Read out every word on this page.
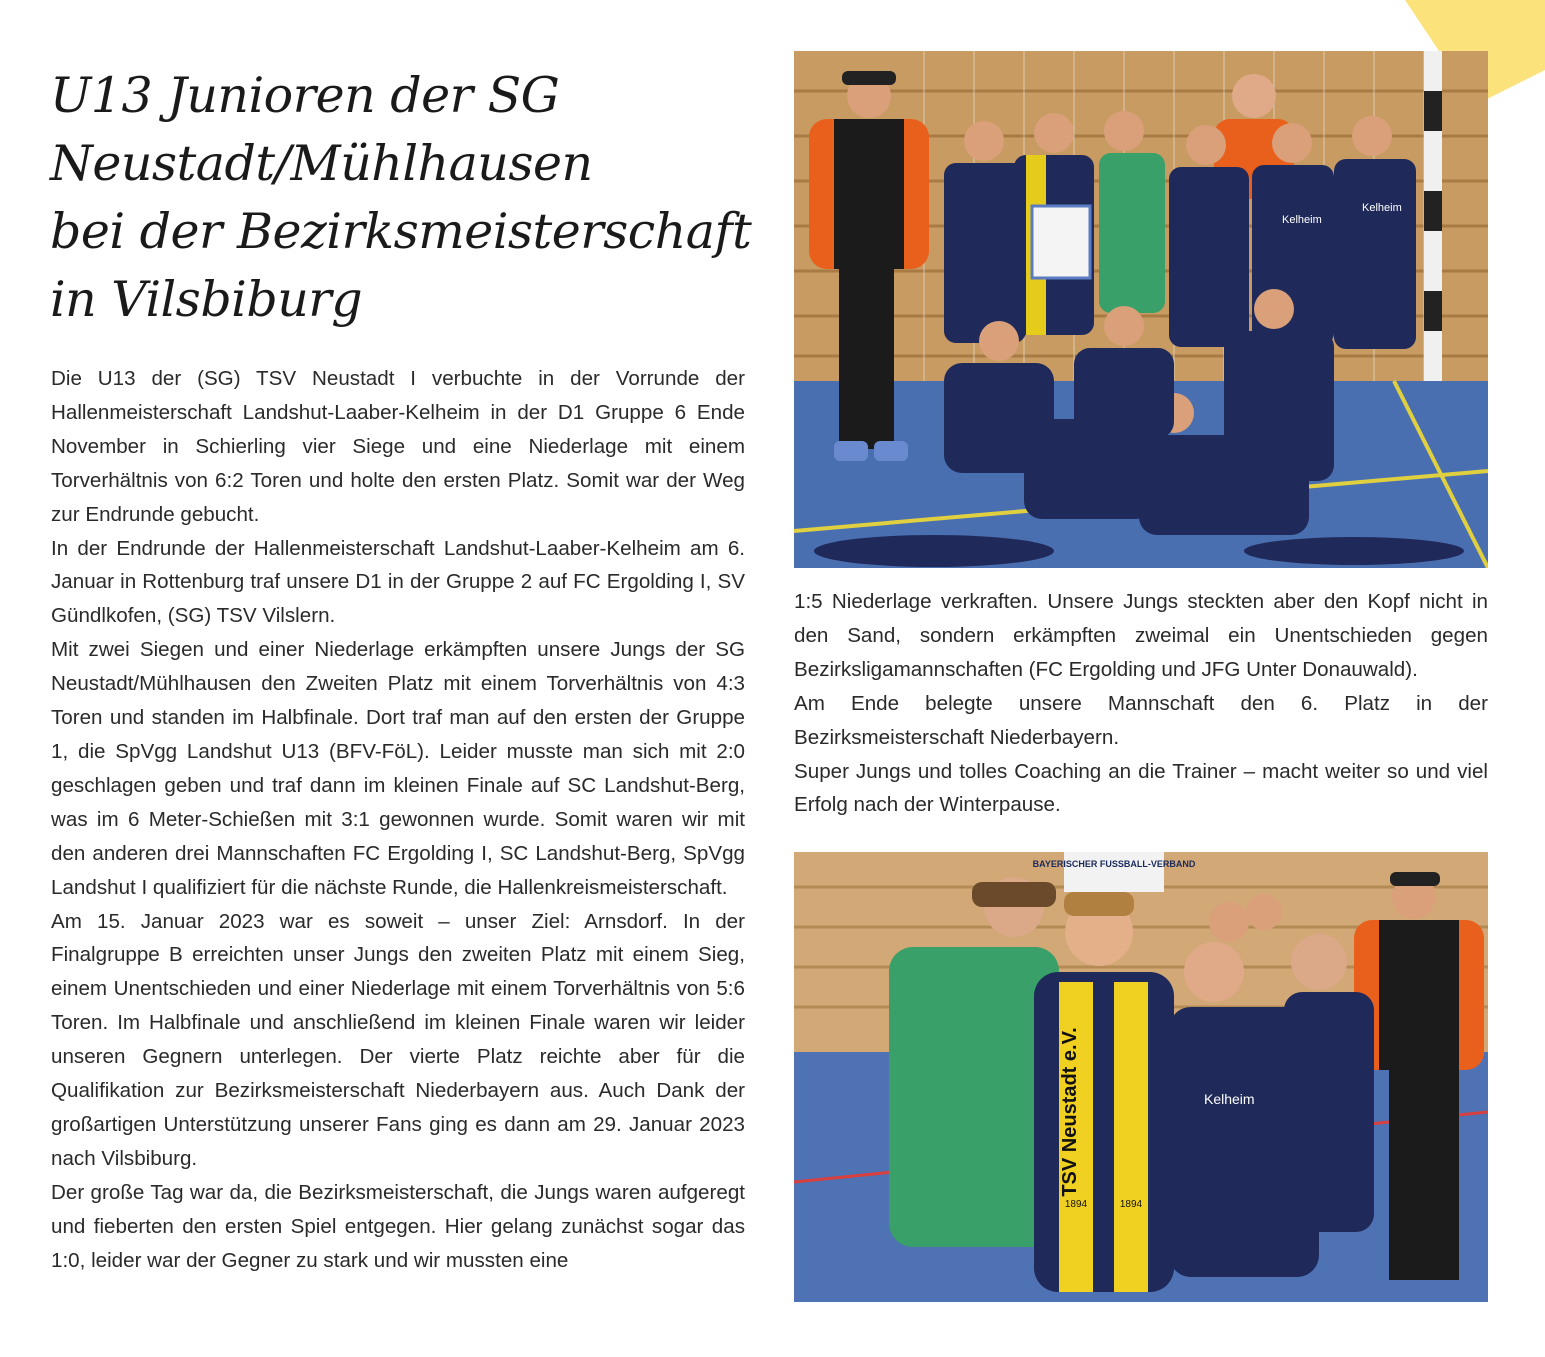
U13 Junioren der SG
Neustadt/Mühlhausen
bei der Bezirksmeisterschaft
in Vilsbiburg

Die U13 der (SG) TSV Neustadt I verbuchte in der Vorrunde der Hallenmeisterschaft Landshut-Laaber-Kelheim in der D1 Gruppe 6 Ende November in Schierling vier Siege und eine Niederlage mit einem Torverhältnis von 6:2 Toren und holte den ersten Platz. Somit war der Weg zur Endrunde gebucht.

In der Endrunde der Hallenmeisterschaft Landshut-Laaber-Kelheim am 6. Januar in Rottenburg traf unsere D1 in der Gruppe 2 auf FC Ergolding I, SV Gündlkofen, (SG) TSV Vilslern.

Mit zwei Siegen und einer Niederlage erkämpften unsere Jungs der SG Neustadt/Mühlhausen den Zweiten Platz mit einem Torverhältnis von 4:3 Toren und standen im Halbfinale. Dort traf man auf den ersten der Gruppe 1, die SpVgg Landshut U13 (BFV-FöL). Leider musste man sich mit 2:0 geschlagen geben und traf dann im kleinen Finale auf SC Landshut-Berg, was im 6 Meter-Schießen mit 3:1 gewonnen wurde. Somit waren wir mit den anderen drei Mannschaften FC Ergolding I, SC Landshut-Berg, SpVgg Landshut I qualifiziert für die nächste Runde, die Hallenkreismeisterschaft.

Am 15. Januar 2023 war es soweit – unser Ziel: Arnsdorf. In der Finalgruppe B erreichten unser Jungs den zweiten Platz mit einem Sieg, einem Unentschieden und einer Niederlage mit einem Torverhältnis von 5:6 Toren. Im Halbfinale und anschließend im kleinen Finale waren wir leider unseren Gegnern unterlegen. Der vierte Platz reichte aber für die Qualifikation zur Bezirksmeisterschaft Niederbayern aus. Auch Dank der großartigen Unterstützung unserer Fans ging es dann am 29. Januar 2023 nach Vilsbiburg.

Der große Tag war da, die Bezirksmeisterschaft, die Jungs waren aufgeregt und fieberten den ersten Spiel entgegen. Hier gelang zunächst sogar das 1:0, leider war der Gegner zu stark und wir mussten eine

Kelheim
Kelheim

1:5 Niederlage verkraften. Unsere Jungs steckten aber den Kopf nicht in den Sand, sondern erkämpften zweimal ein Unentschieden gegen Bezirksligamannschaften (FC Ergolding und JFG Unter Donauwald).

Am Ende belegte unsere Mannschaft den 6. Platz in der Bezirksmeisterschaft Niederbayern.

Super Jungs und tolles Coaching an die Trainer – macht weiter so und viel Erfolg nach der Winterpause.

BAYERISCHER FUSSBALL-VERBAND
TSV Neustadt e.V.
1894	1894
Kelheim
